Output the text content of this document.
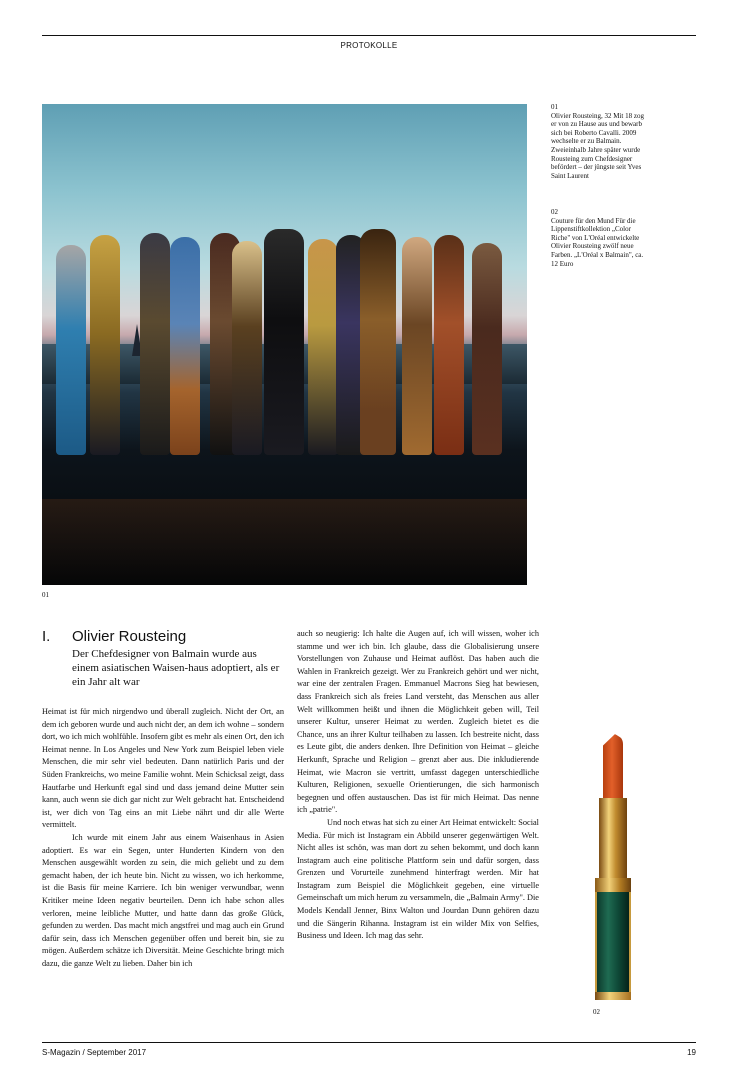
PROTOKOLLE
01
01
Olivier Rousteing, 32 Mit 18 zog er von zu Hause aus und bewarb sich bei Roberto Cavalli. 2009 wechselte er zu Balmain. Zweieinhalb Jahre später wurde Rousteing zum Chefdesigner befördert – der jüngste seit Yves Saint Laurent
02
Couture für den Mund Für die Lippenstiftkollektion „Color Riche" von L'Oréal entwickelte Olivier Rousteing zwölf neue Farben. „L'Oréal x Balmain", ca. 12 Euro
I. Olivier Rousteing
Der Chefdesigner von Balmain wurde aus einem asiatischen Waisen-haus adoptiert, als er ein Jahr alt war

Heimat ist für mich nirgendwo und überall zugleich. Nicht der Ort, an dem ich geboren wurde und auch nicht der, an dem ich wohne – sondern dort, wo ich mich wohlfühle. Insofern gibt es mehr als einen Ort, den ich Heimat nenne. In Los Angeles und New York zum Beispiel leben viele Menschen, die mir sehr viel bedeuten. Dann natürlich Paris und der Süden Frankreichs, wo meine Familie wohnt. Mein Schicksal zeigt, dass Hautfarbe und Herkunft egal sind und dass jemand deine Mutter sein kann, auch wenn sie dich gar nicht zur Welt gebracht hat. Entscheidend ist, wer dich von Tag eins an mit Liebe nährt und dir alle Werte vermittelt.

Ich wurde mit einem Jahr aus einem Waisenhaus in Asien adoptiert. Es war ein Segen, unter Hunderten Kindern von den Menschen ausgewählt worden zu sein, die mich geliebt und zu dem gemacht haben, der ich heute bin. Nicht zu wissen, wo ich herkomme, ist die Basis für meine Karriere. Ich bin weniger verwundbar, wenn Kritiker meine Ideen negativ beurteilen. Denn ich habe schon alles verloren, meine leibliche Mutter, und hatte dann das große Glück, gefunden zu werden. Das macht mich angstfrei und mag auch ein Grund dafür sein, dass ich Menschen gegenüber offen und bereit bin, sie zu mögen. Außerdem schätze ich Diversität. Meine Geschichte bringt mich dazu, die ganze Welt zu lieben. Daher bin ich

auch so neugierig: Ich halte die Augen auf, ich will wissen, woher ich stamme und wer ich bin. Ich glaube, dass die Globalisierung unsere Vorstellungen von Zuhause und Heimat auflöst. Das haben auch die Wahlen in Frankreich gezeigt. Wer zu Frankreich gehört und wer nicht, war eine der zentralen Fragen. Emmanuel Macrons Sieg hat bewiesen, dass Frankreich sich als freies Land versteht, das Menschen aus aller Welt willkommen heißt und ihnen die Möglichkeit geben will, Teil unserer Kultur, unserer Heimat zu werden. Zugleich bietet es die Chance, uns an ihrer Kultur teilhaben zu lassen. Ich bestreite nicht, dass es Leute gibt, die anders denken. Ihre Definition von Heimat – gleiche Herkunft, Sprache und Religion – grenzt aber aus. Die inkludierende Heimat, wie Macron sie vertritt, umfasst dagegen unterschiedliche Kulturen, Religionen, sexuelle Orientierungen, die sich harmonisch begegnen und offen austauschen. Das ist für mich Heimat. Das nenne ich „patrie".

Und noch etwas hat sich zu einer Art Heimat entwickelt: Social Media. Für mich ist Instagram ein Abbild unserer gegenwärtigen Welt. Nicht alles ist schön, was man dort zu sehen bekommt, und doch kann Instagram auch eine politische Plattform sein und dafür sorgen, dass Grenzen und Vorurteile zunehmend hinterfragt werden. Mir hat Instagram zum Beispiel die Möglichkeit gegeben, eine virtuelle Gemeinschaft um mich herum zu versammeln, die „Balmain Army". Die Models Kendall Jenner, Binx Walton und Jourdan Dunn gehören dazu und die Sängerin Rihanna. Instagram ist ein wilder Mix von Selfies, Business und Ideen. Ich mag das sehr.

02
S-Magazin / September 2017	19
